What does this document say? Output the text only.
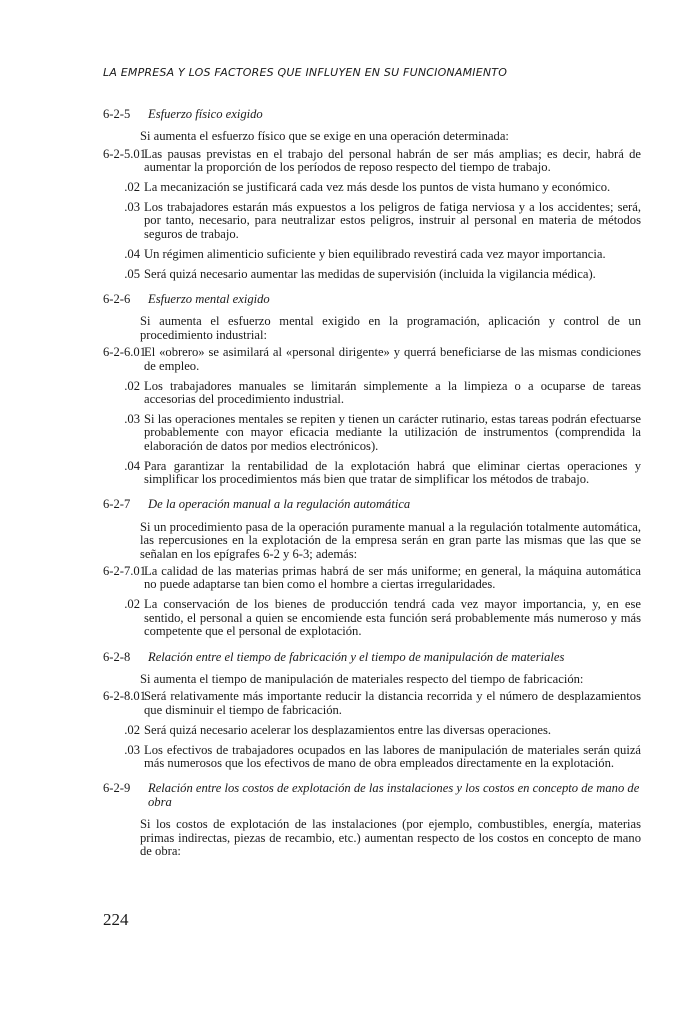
LA EMPRESA Y LOS FACTORES QUE INFLUYEN EN SU FUNCIONAMIENTO
6-2-5	Esfuerzo físico exigido
Si aumenta el esfuerzo físico que se exige en una operación determinada:
6-2-5.01
Las pausas previstas en el trabajo del personal habrán de ser más amplias; es decir, habrá de aumentar la proporción de los períodos de reposo respecto del tiempo de trabajo.
.02 La mecanización se justificará cada vez más desde los puntos de vista humano y económico.
.03 Los trabajadores estarán más expuestos a los peligros de fatiga nerviosa y a los accidentes; será, por tanto, necesario, para neutralizar estos peligros, instruir al personal en materia de métodos seguros de trabajo.
.04 Un régimen alimenticio suficiente y bien equilibrado revestirá cada vez mayor importancia.
.05 Será quizá necesario aumentar las medidas de supervisión (incluida la vigilancia médica).
6-2-6	Esfuerzo mental exigido
Si aumenta el esfuerzo mental exigido en la programación, aplicación y control de un procedimiento industrial:
6-2-6.01
El «obrero» se asimilará al «personal dirigente» y querrá beneficiarse de las mismas condiciones de empleo.
.02 Los trabajadores manuales se limitarán simplemente a la limpieza o a ocuparse de tareas accesorias del procedimiento industrial.
.03 Si las operaciones mentales se repiten y tienen un carácter rutinario, estas tareas podrán efectuarse probablemente con mayor eficacia mediante la utilización de instrumentos (comprendida la elaboración de datos por medios electrónicos).
.04 Para garantizar la rentabilidad de la explotación habrá que eliminar ciertas operaciones y simplificar los procedimientos más bien que tratar de simplificar los métodos de trabajo.
6-2-7	De la operación manual a la regulación automática
Si un procedimiento pasa de la operación puramente manual a la regulación totalmente automática, las repercusiones en la explotación de la empresa serán en gran parte las mismas que las que se señalan en los epígrafes 6-2 y 6-3; además:
6-2-7.01
La calidad de las materias primas habrá de ser más uniforme; en general, la máquina automática no puede adaptarse tan bien como el hombre a ciertas irregularidades.
.02 La conservación de los bienes de producción tendrá cada vez mayor importancia, y, en ese sentido, el personal a quien se encomiende esta función será probablemente más numeroso y más competente que el personal de explotación.
6-2-8	Relación entre el tiempo de fabricación y el tiempo de manipulación de materiales
Si aumenta el tiempo de manipulación de materiales respecto del tiempo de fabricación:
6-2-8.01
Será relativamente más importante reducir la distancia recorrida y el número de desplazamientos que disminuir el tiempo de fabricación.
.02 Será quizá necesario acelerar los desplazamientos entre las diversas operaciones.
.03 Los efectivos de trabajadores ocupados en las labores de manipulación de materiales serán quizá más numerosos que los efectivos de mano de obra empleados directamente en la explotación.
6-2-9	Relación entre los costos de explotación de las instalaciones y los costos en concepto de mano de obra
Si los costos de explotación de las instalaciones (por ejemplo, combustibles, energía, materias primas indirectas, piezas de recambio, etc.) aumentan respecto de los costos en concepto de mano de obra:
224
